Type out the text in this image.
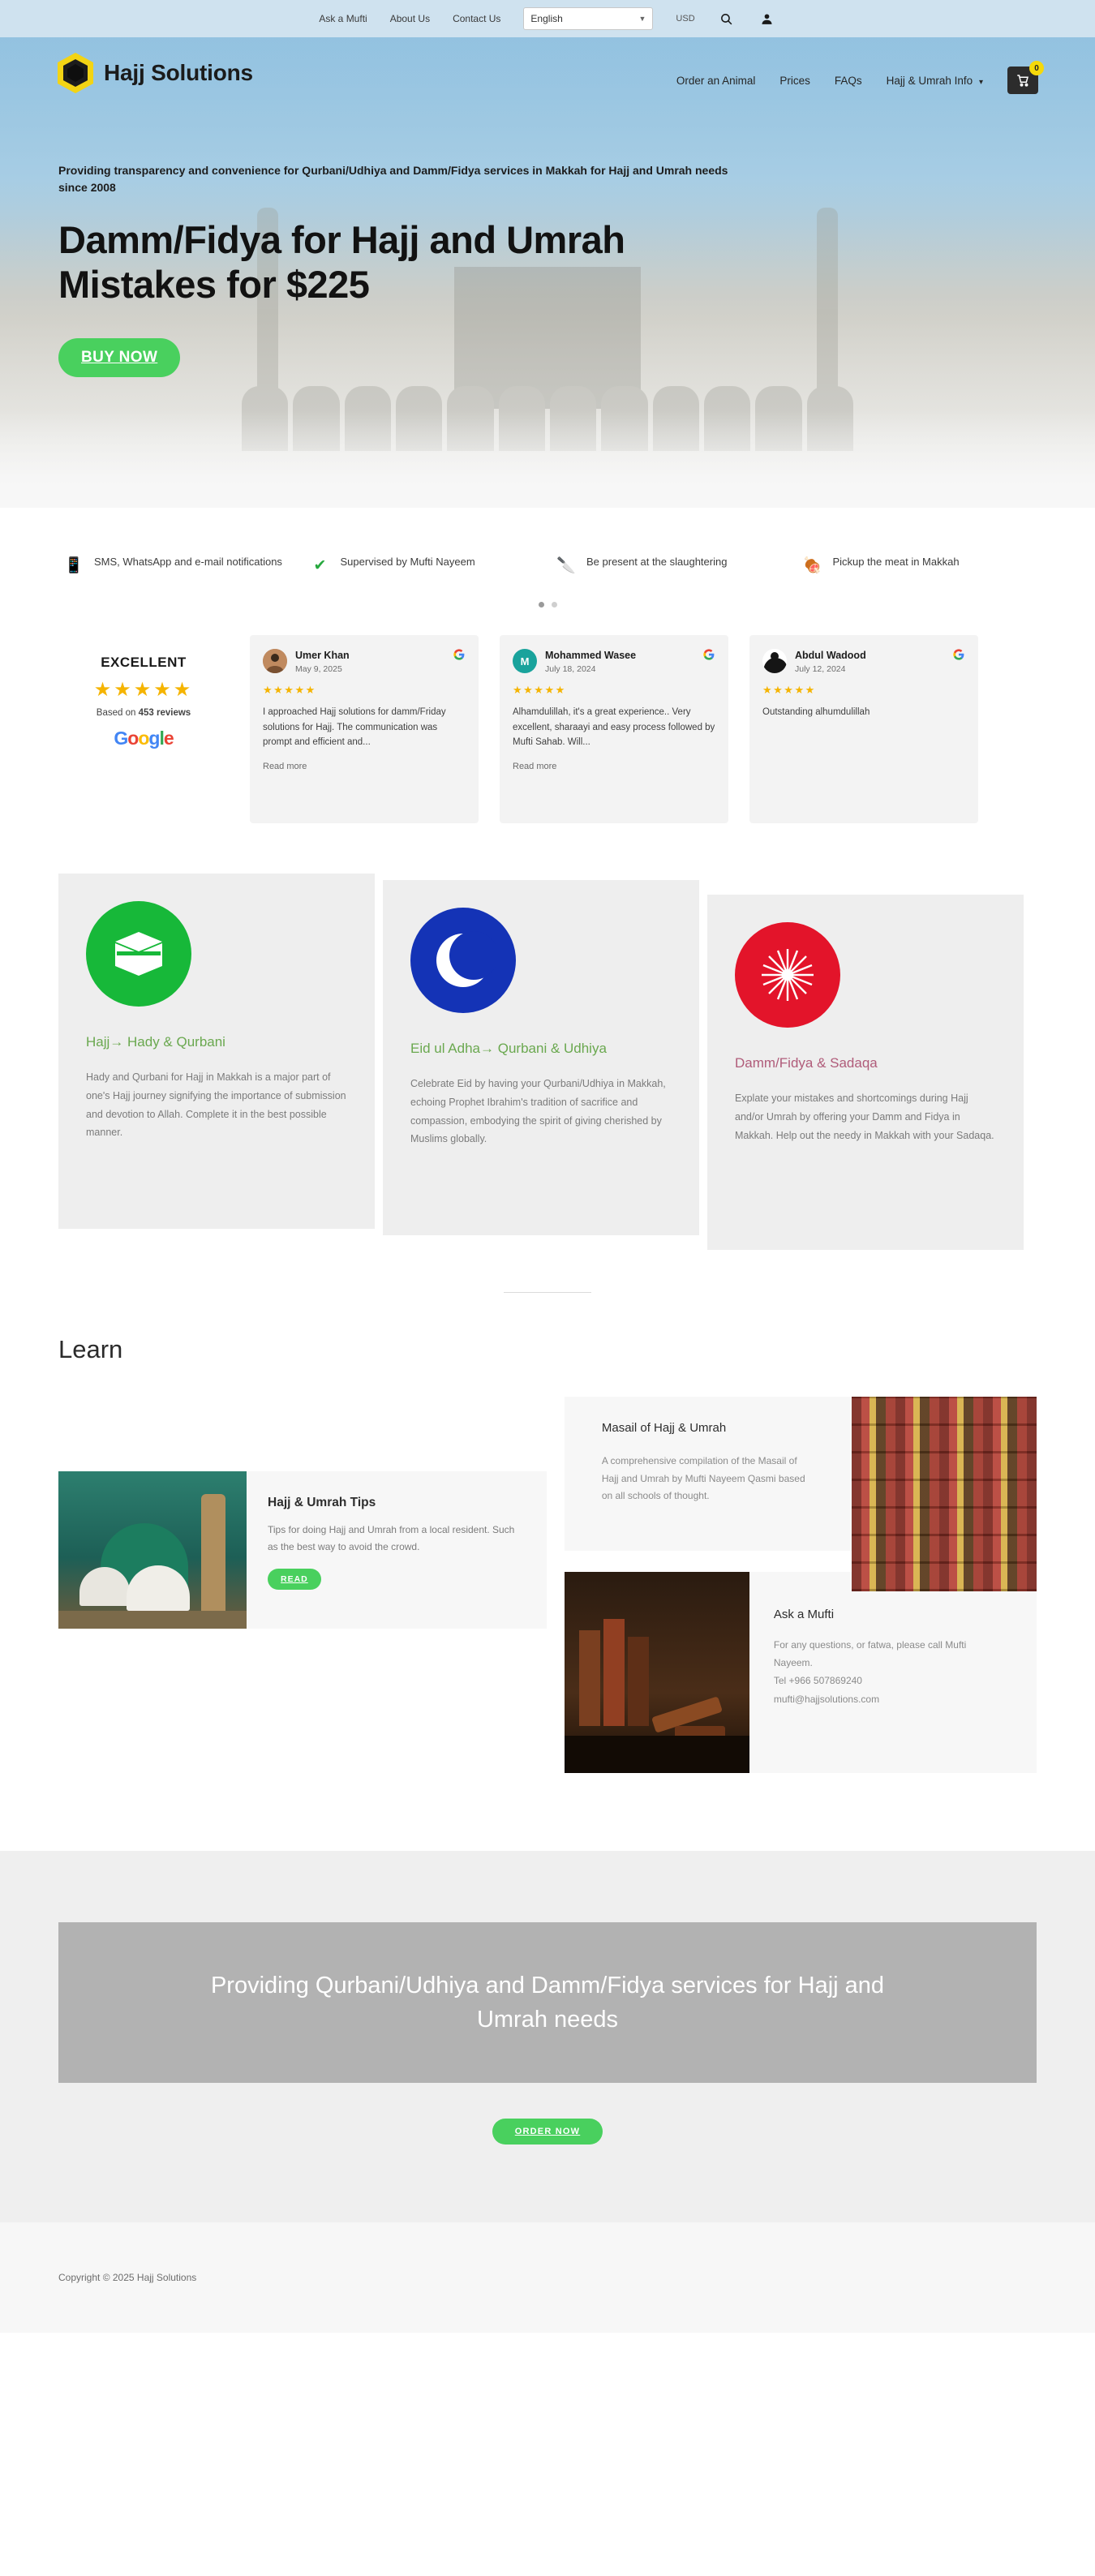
Ask a Mufti About Us Contact Us	English	▼	USD
Hajj Solutions	Order an Animal Prices FAQs Hajj & Umrah Info ▾
0
Providing transparency and convenience for Qurbani/Udhiya and Damm/Fidya services in Makkah for Hajj and Umrah needs since 2008
Damm/Fidya for Hajj and Umrah Mistakes for $225
BUY NOW
📱 SMS, WhatsApp and e-mail notifications ✔	Supervised by Mufti Nayeem	🔪 Be present at the slaughtering	🍖 Pickup the meat in Makkah
EXCELLENT
★★★★★
Based on 453 reviews
Google
Umer Khan
May 9, 2025
★★★★★
I approached Hajj solutions for damm/Friday solutions for Hajj. The communication was prompt and efficient and...
Read more
M Mohammed Wasee
July 18, 2024
★★★★★
Alhamdulillah, it's a great experience.. Very excellent, sharaayi and easy process followed by Mufti Sahab. Will...
Read more
Abdul Wadood
July 12, 2024
★★★★★
Outstanding alhumdulillah
Hajj→ Hady & Qurbani
Hady and Qurbani for Hajj in Makkah is a major part of one's Hajj journey signifying the importance of submission and devotion to Allah. Complete it in the best possible manner.
Eid ul Adha→ Qurbani & Udhiya
Celebrate Eid by having your Qurbani/Udhiya in Makkah, echoing Prophet Ibrahim's tradition of sacrifice and compassion, embodying the spirit of giving cherished by Muslims globally.
Damm/Fidya & Sadaqa
Explate your mistakes and shortcomings during Hajj and/or Umrah by offering your Damm and Fidya in Makkah. Help out the needy in Makkah with your Sadaqa.
Learn
Hajj & Umrah Tips
Tips for doing Hajj and Umrah from a local resident. Such as the best way to avoid the crowd.
READ
Masail of Hajj & Umrah
A comprehensive compilation of the Masail of Hajj and Umrah by Mufti Nayeem Qasmi based on all schools of thought.
Ask a Mufti
For any questions, or fatwa, please call Mufti Nayeem.
Tel +966 507869240
mufti@hajjsolutions.com
Providing Qurbani/Udhiya and Damm/Fidya services for Hajj and Umrah needs
ORDER NOW
Copyright © 2025 Hajj Solutions
